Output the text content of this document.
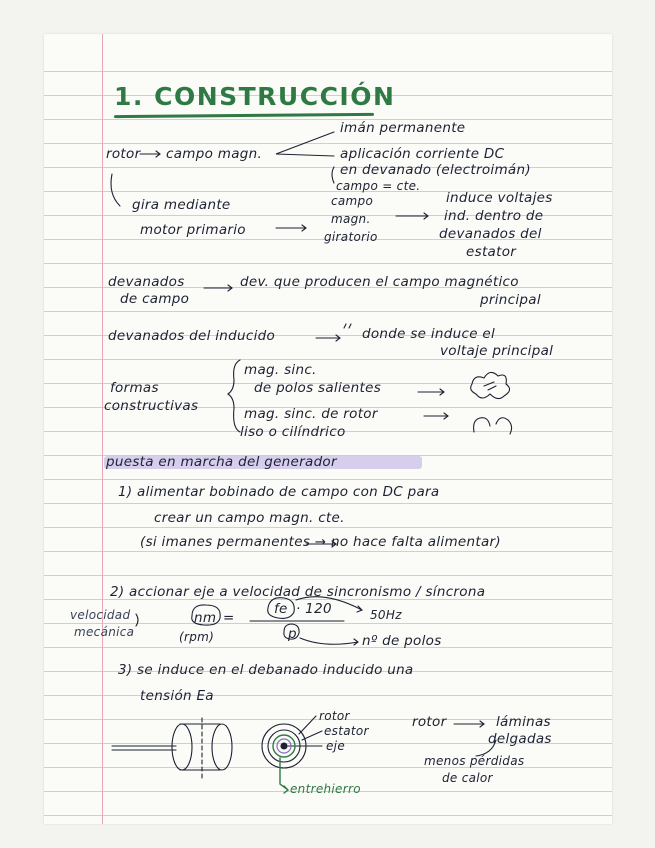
1. CONSTRUCCIÓN
rotor campo magn.
imán permanente
aplicación corriente DC
en devanado (electroimán)
campo = cte.
gira mediante
motor primario
campo
magn.
giratorio
induce voltajes
ind. dentro de
devanados del
estator
devanados
de campo
dev. que producen el campo magnético
principal
devanados del inducido	donde se induce el
voltaje principal
formas
constructivas
mag. sinc.
de polos salientes
mag. sinc. de rotor
liso o cilíndrico
puesta en marcha del generador
1) alimentar bobinado de campo con DC para
crear un campo magn. cte.
(si imanes permanentes → no hace falta alimentar)
2) accionar eje a velocidad de sincronismo / síncrona
velocidad
mecánica
nm =
(rpm)
fe · 120
p
50Hz
nº de polos
3) se induce en el debanado inducido una
tensión Ea
rotor
estator
eje
entrehierro
rotor	láminas
delgadas
menos pérdidas
de calor
